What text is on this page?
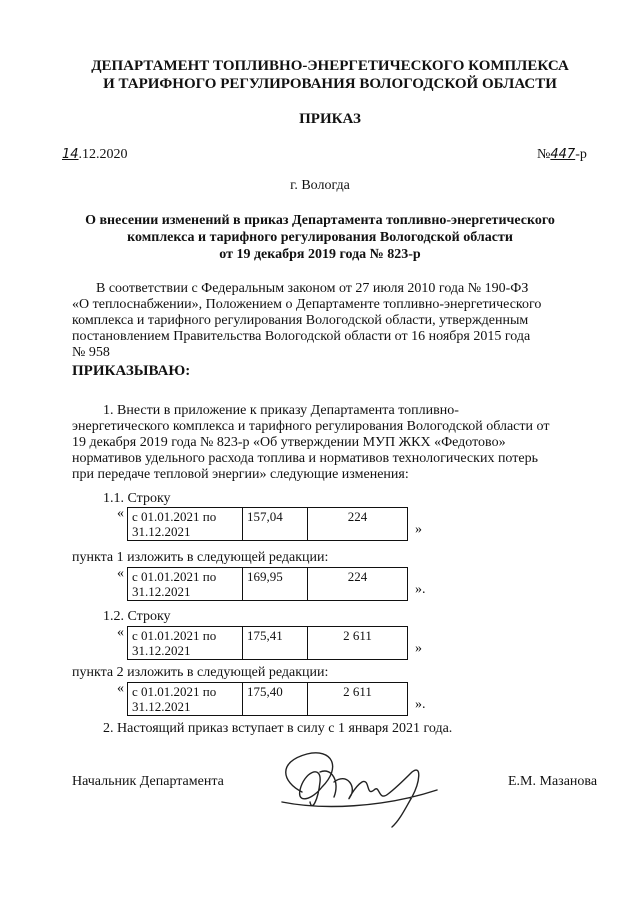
ДЕПАРТАМЕНТ ТОПЛИВНО-ЭНЕРГЕТИЧЕСКОГО КОМПЛЕКСА
И ТАРИФНОГО РЕГУЛИРОВАНИЯ ВОЛОГОДСКОЙ ОБЛАСТИ
ПРИКАЗ
14.12.2020	№447-р
г. Вологда
О внесении изменений в приказ Департамента топливно-энергетического
комплекса и тарифного регулирования Вологодской области
от 19 декабря 2019 года № 823-р
В соответствии с Федеральным законом от 27 июля 2010 года № 190-ФЗ
«О теплоснабжении», Положением о Департаменте топливно-энергетического
комплекса и тарифного регулирования Вологодской области, утвержденным
постановлением Правительства Вологодской области от 16 ноября 2015 года
№ 958
ПРИКАЗЫВАЮ:
1. Внести в приложение к приказу Департамента топливно-
энергетического комплекса и тарифного регулирования Вологодской области от
19 декабря 2019 года № 823-р «Об утверждении МУП ЖКХ «Федотово»
нормативов удельного расхода топлива и нормативов технологических потерь
при передаче тепловой энергии» следующие изменения:
1.1. Строку
« с 01.01.2021 по 31.12.2021	157,04	224
»
пункта 1 изложить в следующей редакции:
« с 01.01.2021 по 31.12.2021	169,95	224
».
1.2. Строку
« с 01.01.2021 по 31.12.2021	175,41	2 611
»
пункта 2 изложить в следующей редакции:
« с 01.01.2021 по 31.12.2021	175,40	2 611
».
2. Настоящий приказ вступает в силу с 1 января 2021 года.
Начальник Департамента	Е.М. Мазанова
